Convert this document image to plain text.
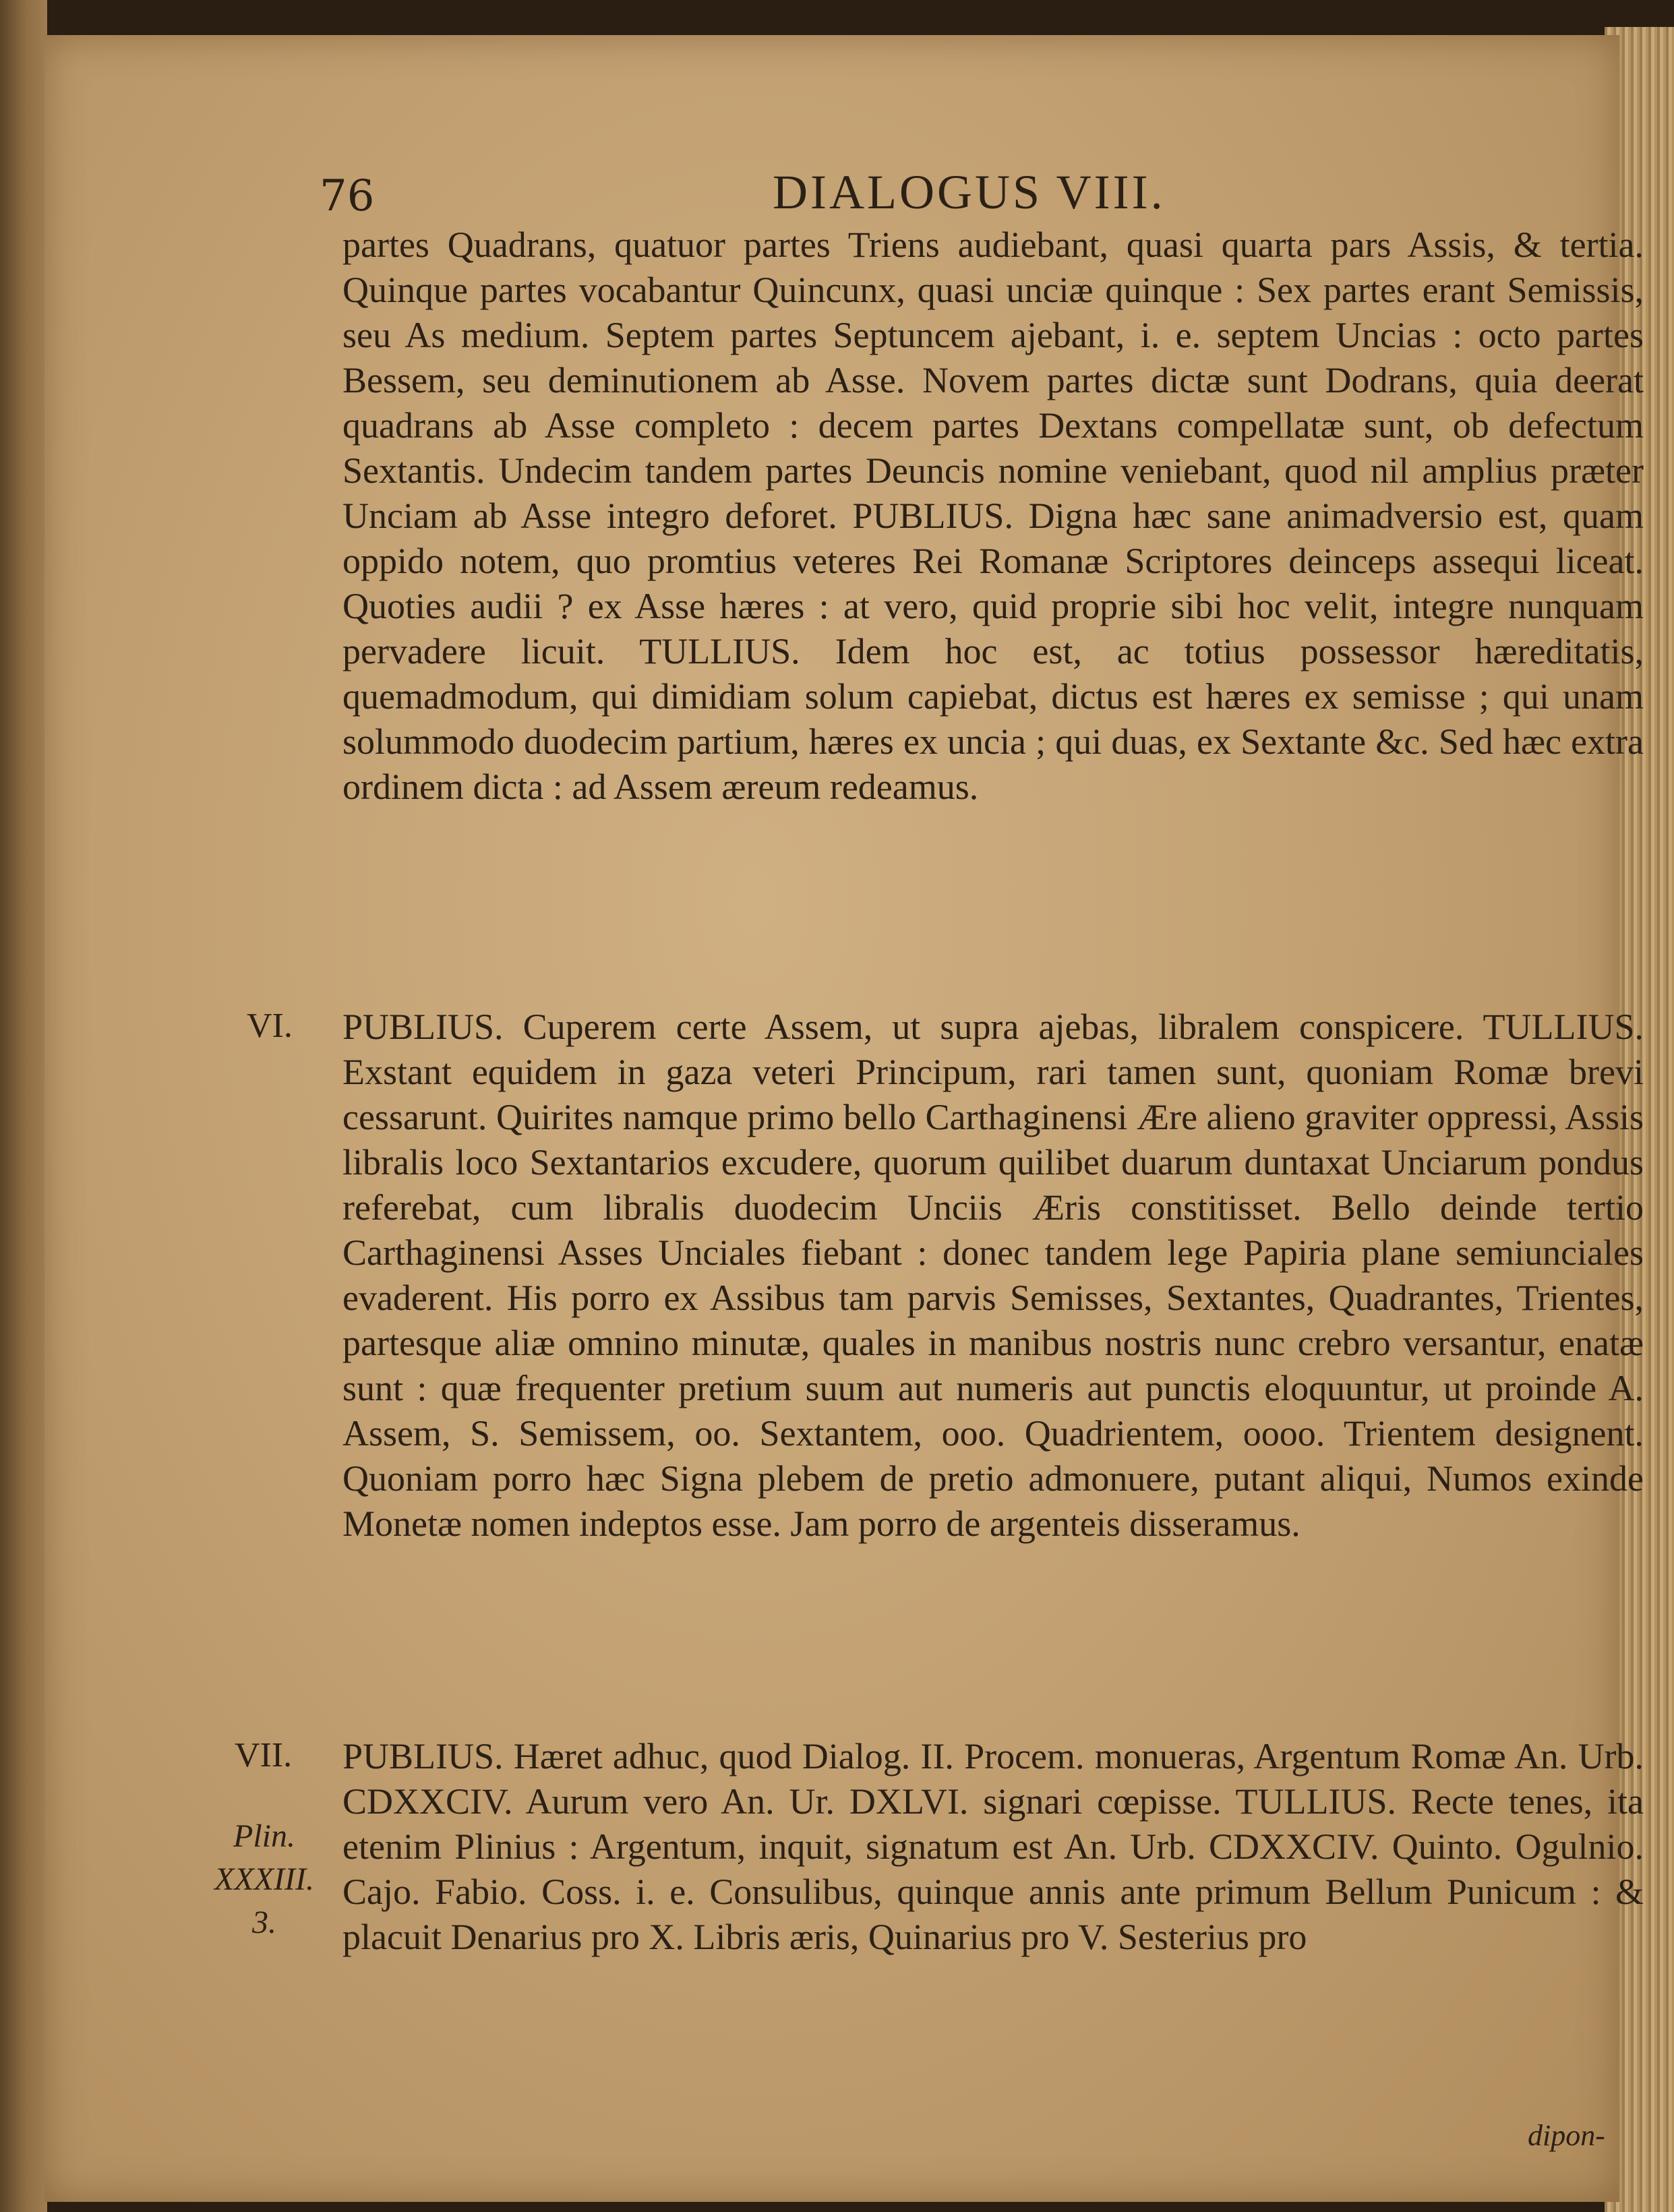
76	DIALOGUS VIII.
partes Quadrans, quatuor partes Triens audiebant, quasi quarta pars Assis, & tertia. Quinque partes vocabantur Quincunx, quasi unciæ quinque : Sex partes erant Semissis, seu As medium. Septem partes Septuncem ajebant, i. e. septem Uncias : octo partes Bessem, seu deminutionem ab Asse. Novem partes dictæ sunt Dodrans, quia deerat quadrans ab Asse completo : decem partes Dextans compellatæ sunt, ob defectum Sextantis. Undecim tandem partes Deuncis nomine veniebant, quod nil amplius præter Unciam ab Asse integro deforet. PUBLIUS. Digna hæc sane animadversio est, quam oppido notem, quo promtius veteres Rei Romanæ Scriptores deinceps assequi liceat. Quoties audii ? ex Asse hæres : at vero, quid proprie sibi hoc velit, integre nunquam pervadere licuit. TULLIUS. Idem hoc est, ac totius possessor hæreditatis, quemadmodum, qui dimidiam solum capiebat, dictus est hæres ex semisse ; qui unam solummodo duodecim partium, hæres ex uncia ; qui duas, ex Sextante &c. Sed hæc extra ordinem dicta : ad Assem æreum redeamus.
VI. PUBLIUS. Cuperem certe Assem, ut supra ajebas, libralem conspicere. TULLIUS. Exstant equidem in gaza veteri Principum, rari tamen sunt, quoniam Romæ brevi cessarunt. Quirites namque primo bello Carthaginensi Ære alieno graviter oppressi, Assis libralis loco Sextantarios excudere, quorum quilibet duarum duntaxat Unciarum pondus referebat, cum libralis duodecim Unciis Æris constitisset. Bello deinde tertio Carthaginensi Asses Unciales fiebant : donec tandem lege Papiria plane semiunciales evaderent. His porro ex Assibus tam parvis Semisses, Sextantes, Quadrantes, Trientes, partesque aliæ omnino minutæ, quales in manibus nostris nunc crebro versantur, enatæ sunt : quæ frequenter pretium suum aut numeris aut punctis eloquuntur, ut proinde A. Assem, S. Semissem, oo. Sextantem, ooo. Quadrientem, oooo. Trientem designent. Quoniam porro hæc Signa plebem de pretio admonuere, putant aliqui, Numos exinde Monetæ nomen indeptos esse. Jam porro de argenteis disseramus.
VII. PUBLIUS. Hæret adhuc, quod Dialog. II. Procem. monueras, Argentum Romæ An. Urb. CDXXCIV. Aurum vero An. Ur. DXLVI. signari cœpisse. TULLIUS. Recte tenes, ita etenim Plinius : Argentum, inquit, signatum est An. Urb. CDXXCIV. Quinto. Ogulnio. Cajo. Fabio. Coss. i. e. Consulibus, quinque annis ante primum Bellum Punicum : & placuit Denarius pro X. Libris æris, Quinarius pro V. Sesterius pro
Plin.
XXXIII.
3.
dipon-
